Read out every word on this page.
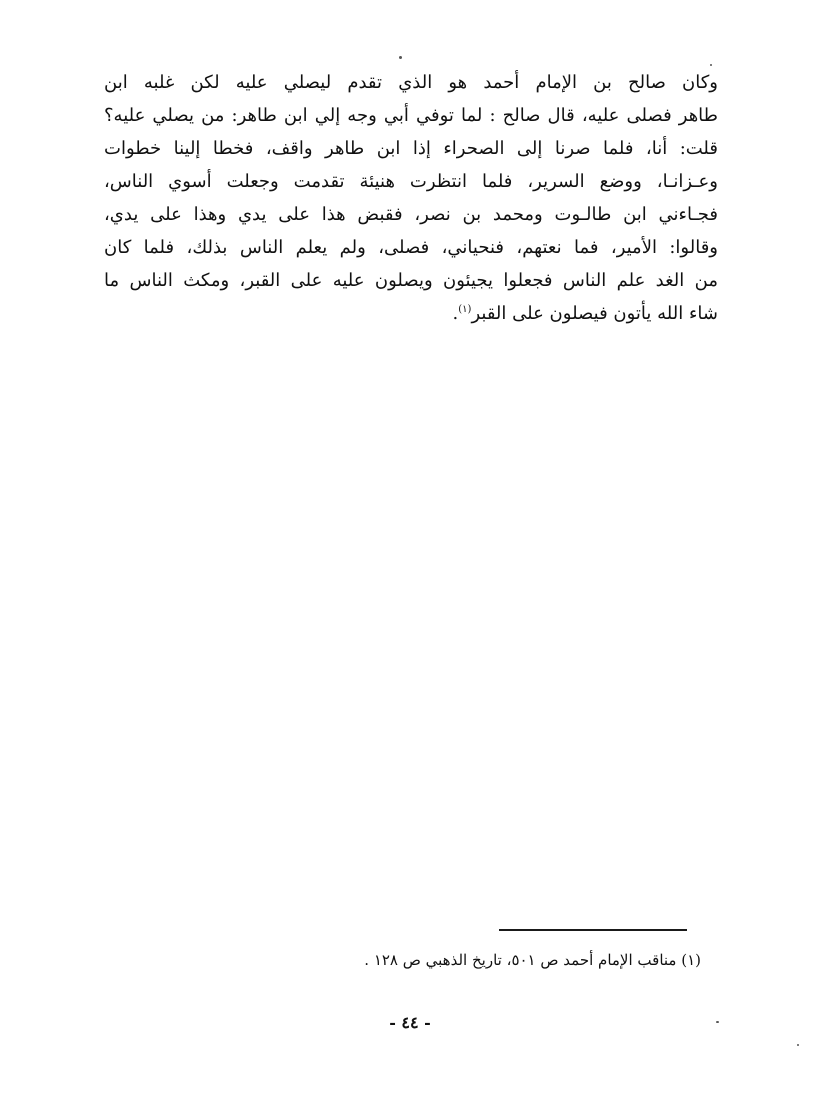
وكان صالح بن الإمام أحمد هو الذي تقدم ليصلي عليه لكن غلبه ابن
طاهر فصلى عليه، قال صالح : لما توفي أبي وجه إلي ابن طاهر: من يصلي عليه؟
قلت: أنا، فلما صرنا إلى الصحراء إذا ابن طاهر واقف، فخطا إلينا خطوات
وعـزانـا، ووضع السرير، فلما انتظرت هنيئة تقدمت وجعلت أسوي الناس،
فجـاءني ابن طالـوت ومحمد بن نصر، فقبض هذا على يدي وهذا على يدي،
وقالوا: الأمير، فما نعتهم، فنحياني، فصلى، ولم يعلم الناس بذلك، فلما كان
من الغد علم الناس فجعلوا يجيئون ويصلون عليه على القبر، ومكث الناس ما
شاء الله يأتون فيصلون على القبر$^{(١)}$.
(١) مناقب الإمام أحمد ص ٥٠١، تاريخ الذهبي ص ١٢٨ .
- ٤٤ -
